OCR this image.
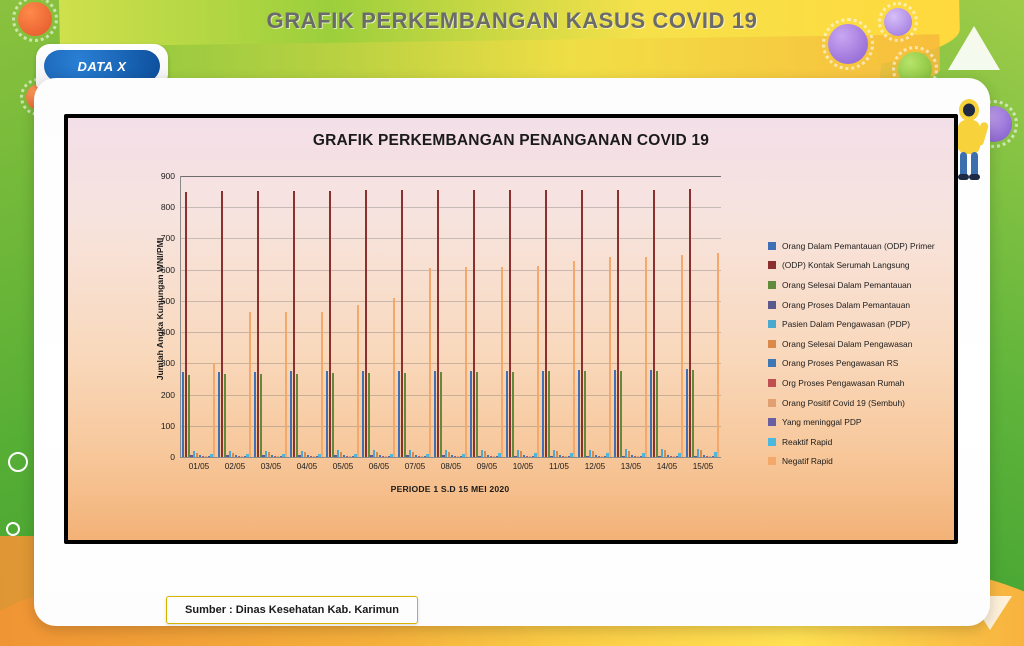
GRAFIK PERKEMBANGAN KASUS COVID 19
DATA X
GRAFIK PERKEMBANGAN PENANGANAN COVID 19
Jumlah Angka Kunjungan WNI/PMI
0
100
200
300
400
500
600
700
800
900
01/05 02/05 03/05 04/05 05/05 06/05 07/05 08/05 09/05 10/05 11/05 12/05 13/05 14/05 15/05
PERIODE 1 S.D 15 MEI 2020
Orang Dalam Pemantauan (ODP) Primer
(ODP) Kontak Serumah Langsung
Orang Selesai Dalam Pemantauan
Orang Proses Dalam Pemantauan
Pasien Dalam Pengawasan (PDP)
Orang Selesai Dalam Pengawasan
Orang Proses Pengawasan RS
Org Proses Pengawasan Rumah
Orang Positif Covid 19 (Sembuh)
Yang meninggal PDP
Reaktif Rapid
Negatif Rapid
Sumber : Dinas Kesehatan Kab. Karimun
